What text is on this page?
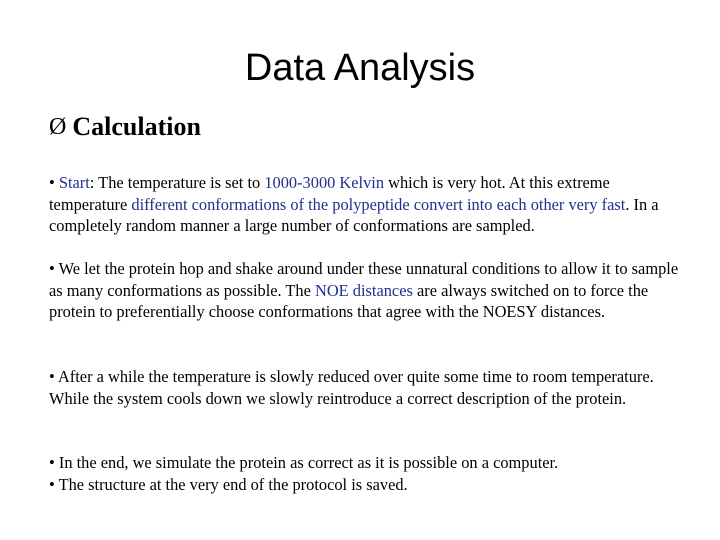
Data Analysis
Ø Calculation
• Start: The temperature is set to 1000-3000 Kelvin which is very hot. At this extreme temperature different conformations of the polypeptide convert into each other very fast. In a completely random manner a large number of conformations are sampled.
• We let the protein hop and shake around under these unnatural conditions to allow it to sample as many conformations as possible. The NOE distances are always switched on to force the protein to preferentially choose conformations that agree with the NOESY distances.
• After a while the temperature is slowly reduced over quite some time to room temperature. While the system cools down we slowly reintroduce a correct description of the protein.
• In the end, we simulate the protein as correct as it is possible on a computer.
• The structure at the very end of the protocol is saved.
